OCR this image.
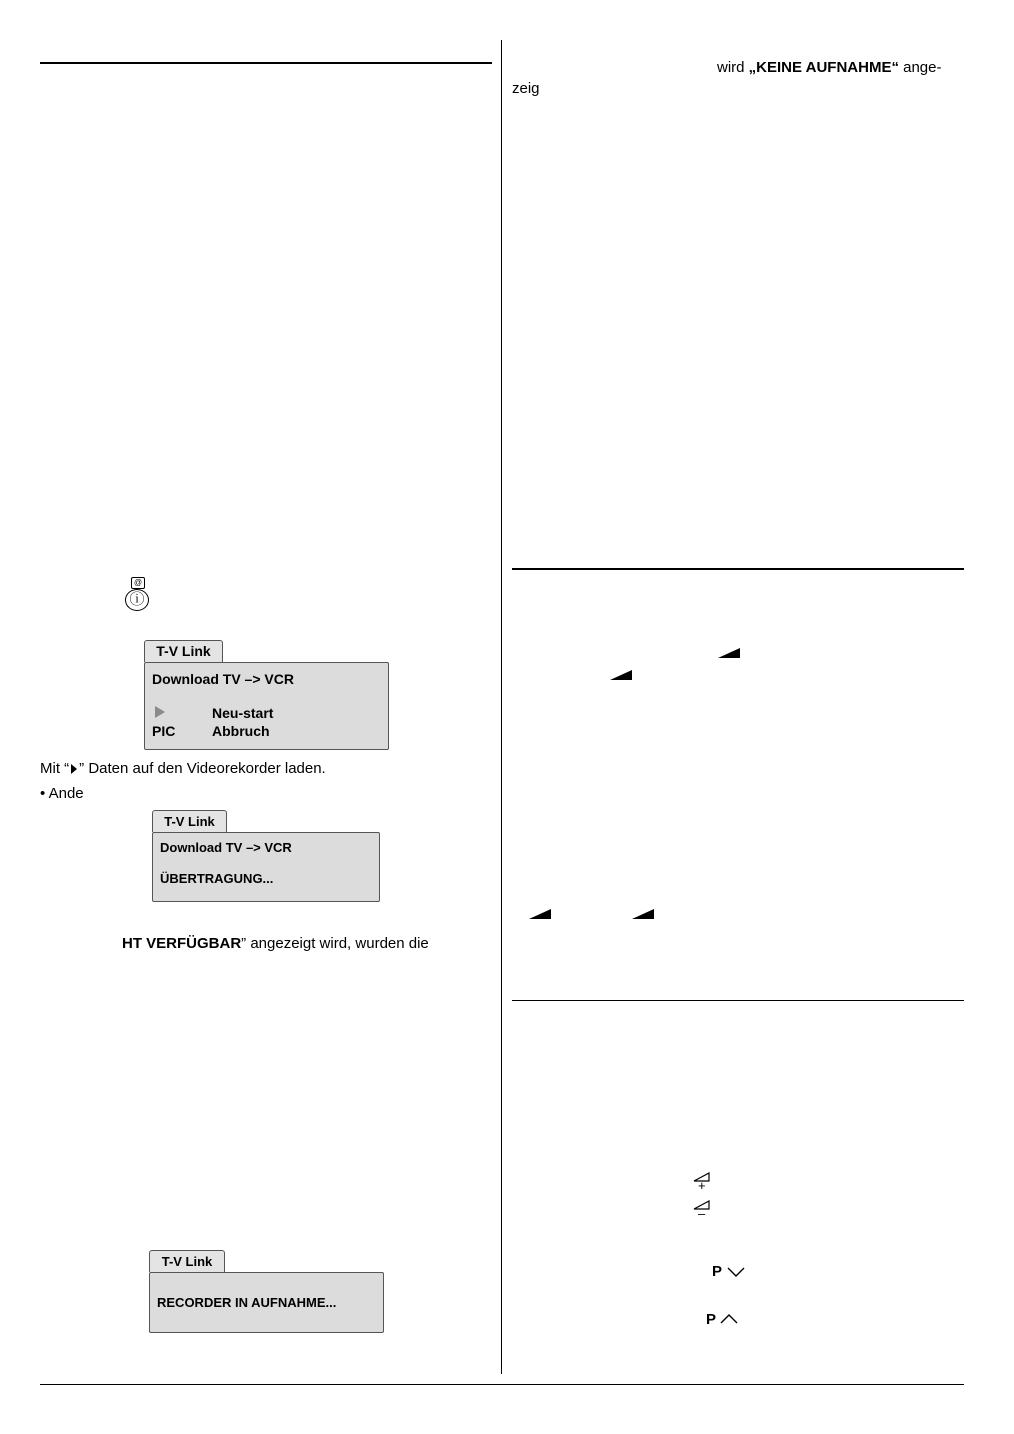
@
ⓘ
T-V Link
Download TV –> VCR
Neu-start
PIC	Abbruch
Mit “ ” Daten auf den Videorekorder laden.
• Ande
T-V Link
Download TV –> VCR
ÜBERTRAGUNG...
HT VERFÜGBAR” angezeigt wird, wurden die
T-V Link
RECORDER IN AUFNAHME...
wird „KEINE AUFNAHME“ ange-
zeig
+
–
P
P
